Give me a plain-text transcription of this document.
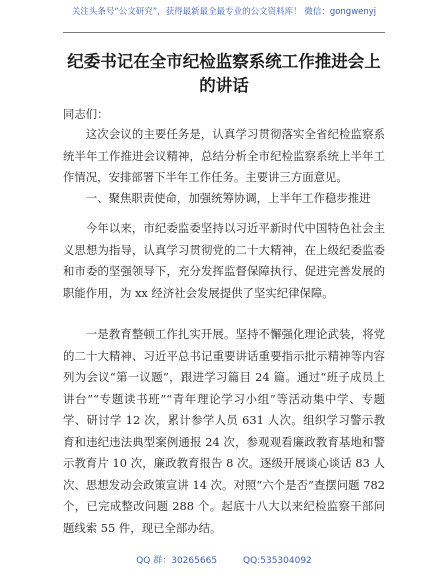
关注头条号“公文研究”，获得最新最全最专业的公文资料库！ 微信：gongwenyj
纪委书记在全市纪检监察系统工作推进会上的讲话

同志们：

这次会议的主要任务是，认真学习贯彻落实全省纪检监察系统半年工作推进会议精神，总结分析全市纪检监察系统上半年工作情况，安排部署下半年工作任务。主要讲三方面意见。

一、聚焦职责使命，加强统筹协调，上半年工作稳步推进

今年以来，市纪委监委坚持以习近平新时代中国特色社会主义思想为指导，认真学习贯彻党的二十大精神，在上级纪委监委和市委的坚强领导下，充分发挥监督保障执行、促进完善发展的职能作用，为 xx 经济社会发展提供了坚实纪律保障。

一是教育整顿工作扎实开展。坚持不懈强化理论武装，将党的二十大精神、习近平总书记重要讲话重要指示批示精神等内容列为会议“第一议题”，跟进学习篇目 24 篇。通过“班子成员上讲台”“专题读书班”“青年理论学习小组”等活动集中学、专题学、研讨学 12 次，累计参学人员 631 人次。组织学习警示教育和违纪违法典型案例通报 24 次，参观观看廉政教育基地和警示教育片 10 次，廉政教育报告 8 次。逐级开展谈心谈话 83 人次、思想发动会政策宣讲 14 次。对照“六个是否”查摆问题 782 个，已完成整改问题 288 个。起底十八大以来纪检监察干部问题线索 55 件，现已全部办结。

QQ 群：30265665	QQ:535304092
